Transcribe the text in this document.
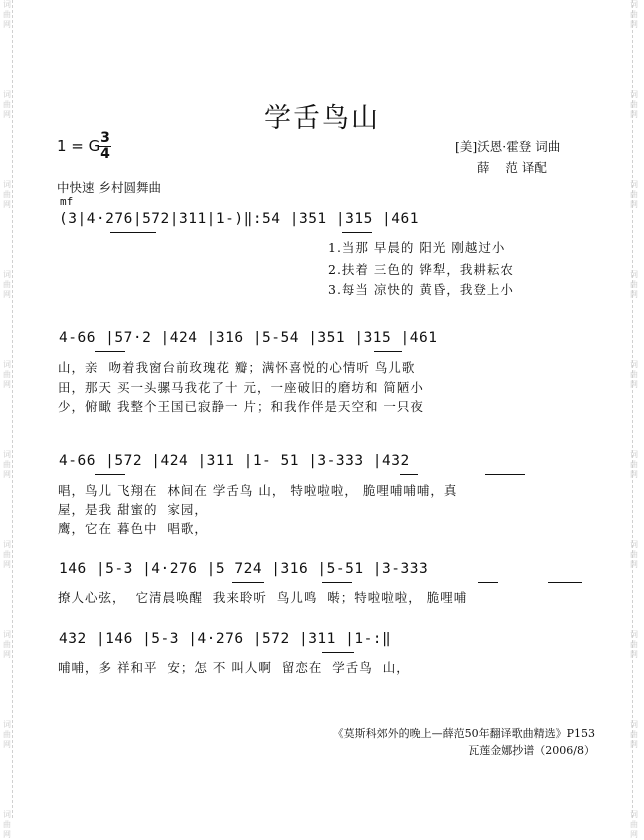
词
曲
网
词
曲
网
词
曲
网
词
曲
网
词
曲
网
词
曲
网
词
曲
网
词
曲
网
词
曲
网
词
曲
网
词
曲
网
词
曲
网
词
曲
网
词
曲
网
词
曲
网
词
曲
网
词
曲
网
词
曲
网
词
曲
网
词
曲
网
学舌鸟山
1 = G 3
4	[美]沃恩·霍登 词曲
薛    范 译配
中快速 乡村圆舞曲
mf
(3|4·276|572|311|1-)‖:54 |351 |315 |461
1.当那 早晨的 阳光 刚越过小
2.扶着 三色的 铧犁，我耕耘农
3.每当 凉快的 黄昏，我登上小
4-66 |57·2 |424 |316 |5-54 |351 |315 |461
山，亲  吻着我窗台前玫瑰花 瓣；满怀喜悦的心情听 鸟儿歌
田，那天 买一头骡马我花了十 元，一座破旧的磨坊和 简陋小
少，俯瞰 我整个王国已寂静一 片；和我作伴是天空和 一只夜
4-66 |572 |424 |311 |1- 51 |3-333 |432
唱，鸟儿 飞翔在  林间在 学舌鸟 山， 特啦啦啦， 脆哩哺哺哺，真
屋，是我 甜蜜的  家园，
鹰，它在 暮色中  唱歌，
146 |5-3 |4·276 |5 724 |316 |5-51 |3-333
撩人心弦，  它清晨唤醒  我来聆听  鸟儿鸣  啭；特啦啦啦， 脆哩哺
432 |146 |5-3 |4·276 |572 |311 |1-:‖
哺哺，多 祥和平  安；怎 不 叫人啊  留恋在  学舌鸟  山，
《莫斯科郊外的晚上—薛范50年翻译歌曲精选》P153
瓦莲金娜抄谱（2006/8）
